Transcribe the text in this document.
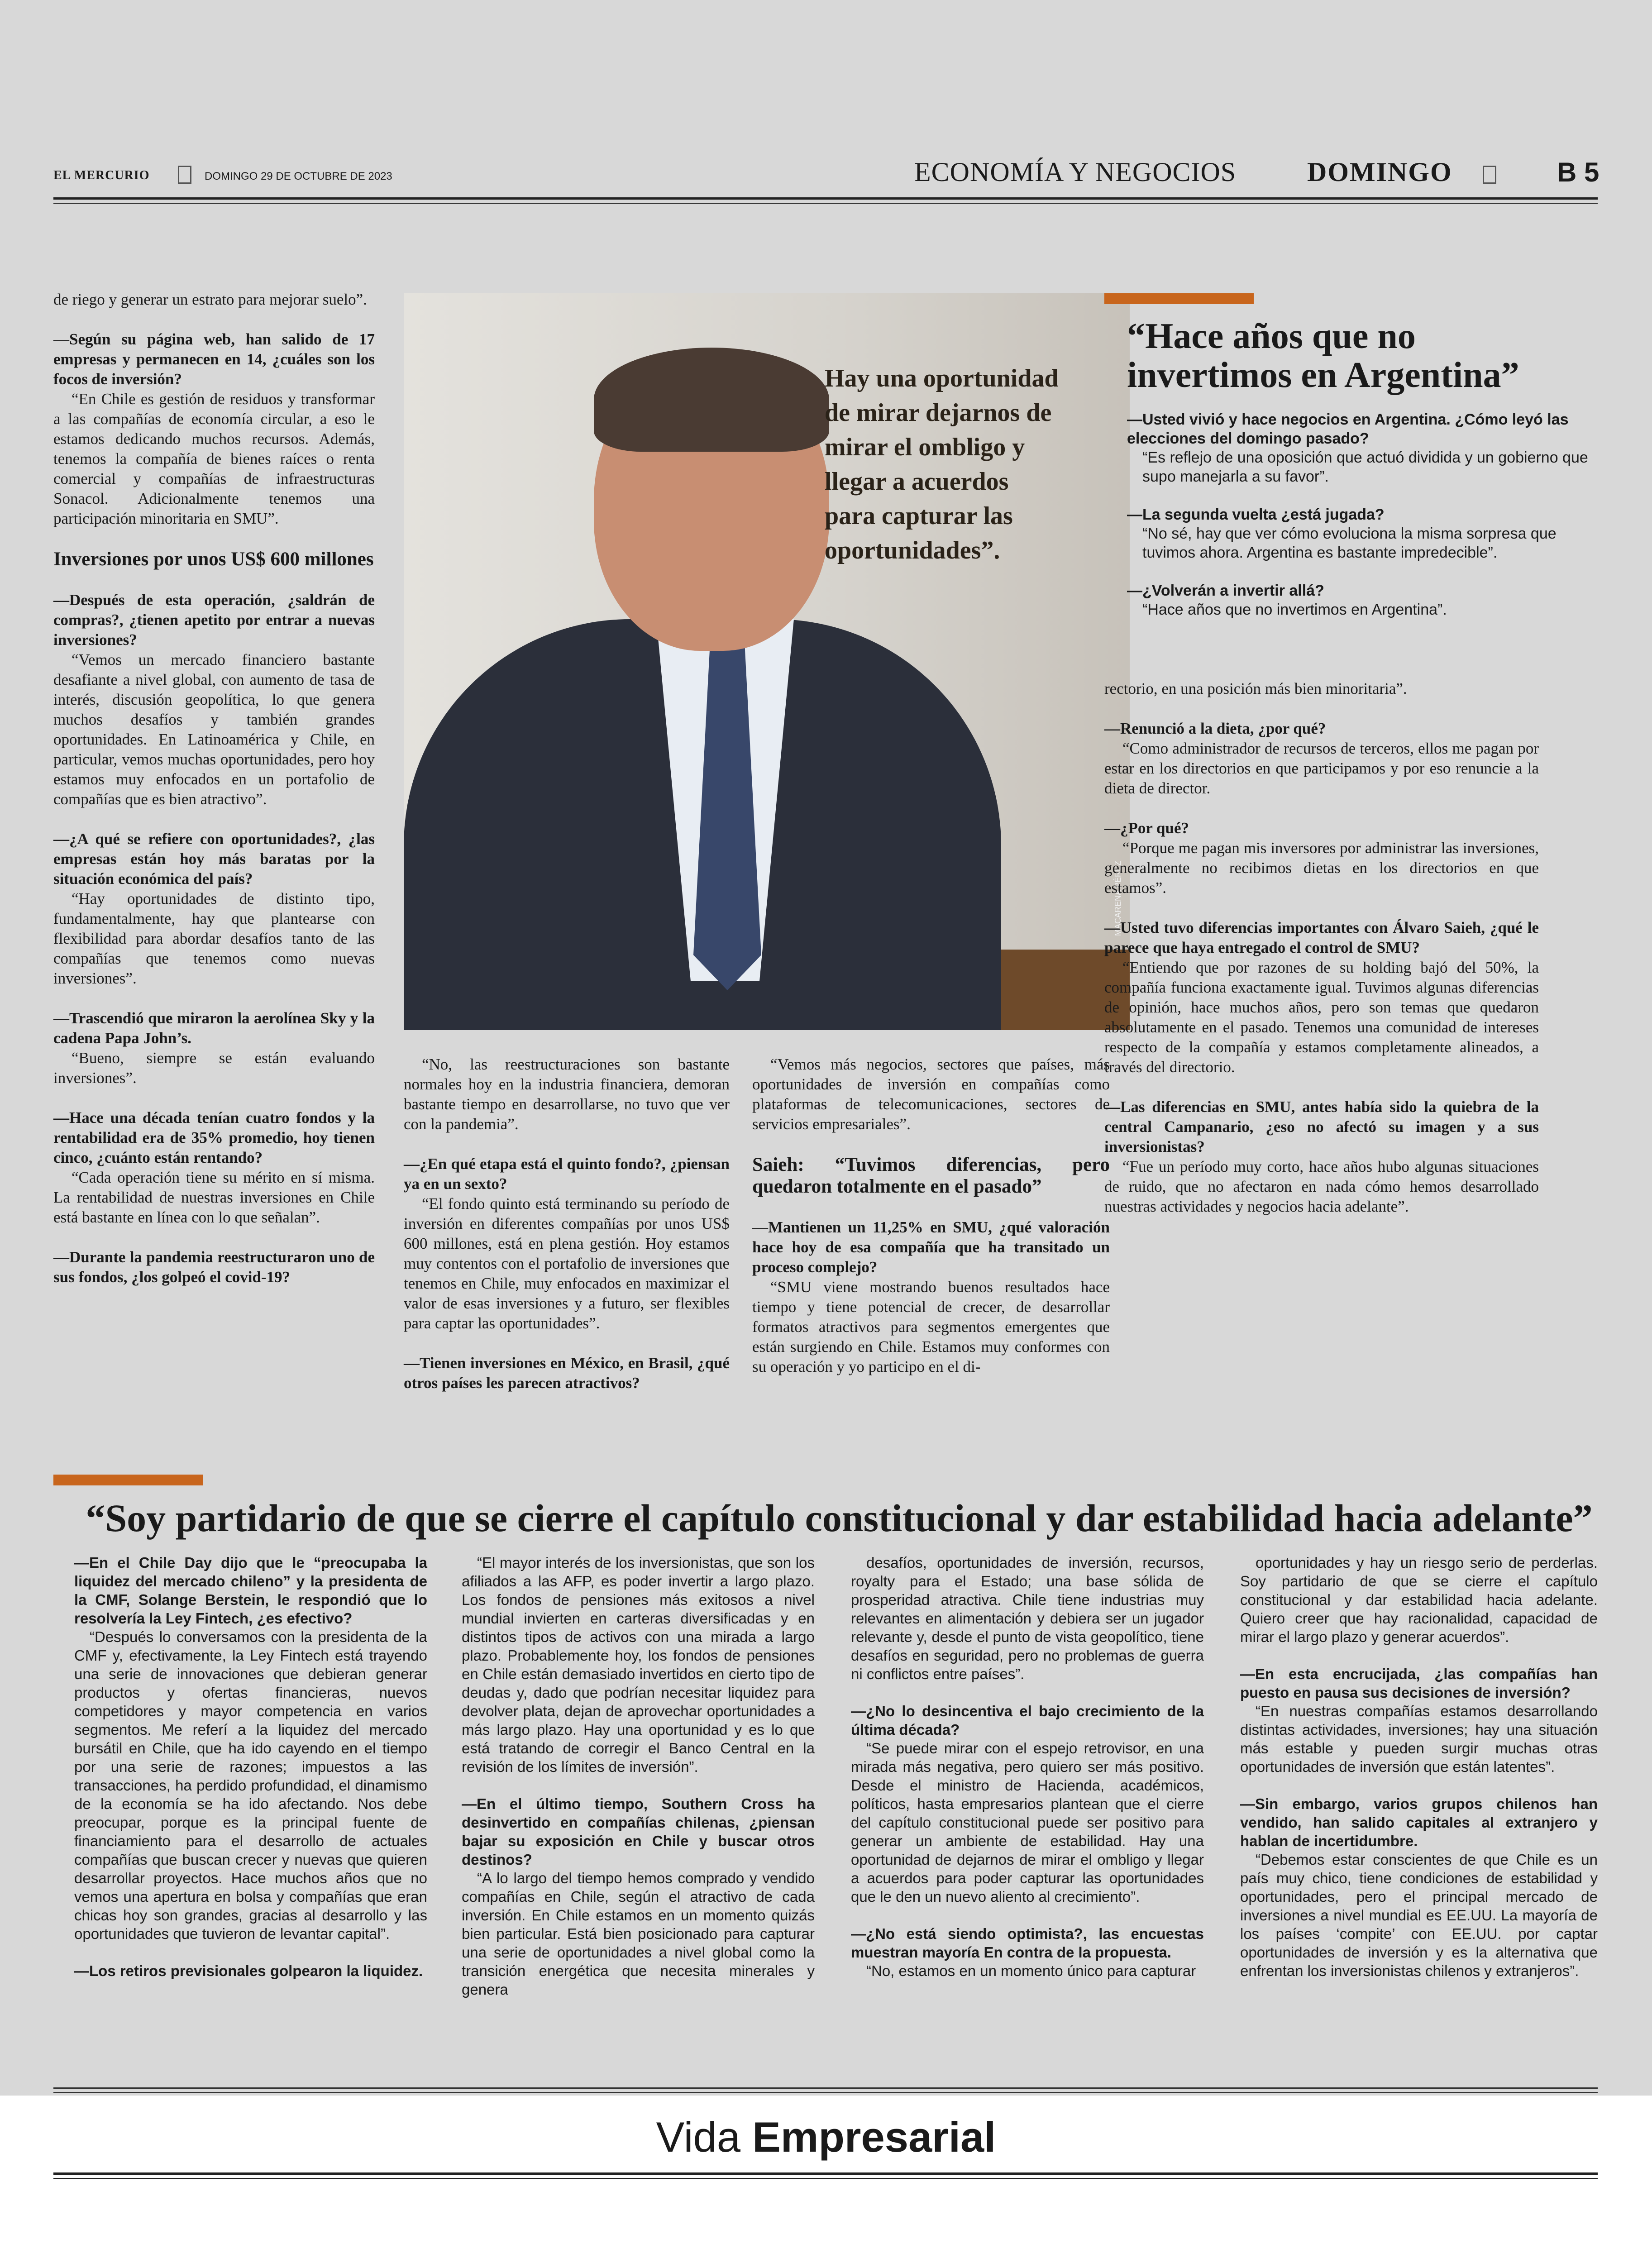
EL MERCURIO	DOMINGO 29 DE OCTUBRE DE 2023	ECONOMÍA Y NEGOCIOS	DOMINGO	B 5

de riego y generar un estrato para mejorar suelo”.

—Según su página web, han salido de 17 empresas y permanecen en 14, ¿cuáles son los focos de inversión?

“En Chile es gestión de residuos y transformar a las compañías de economía circular, a eso le estamos dedicando muchos recursos. Además, tenemos la compañía de bienes raíces o renta comercial y compañías de infraestructuras Sonacol. Adicionalmente tenemos una participación minoritaria en SMU”.

Inversiones por unos US$ 600 millones

—Después de esta operación, ¿saldrán de compras?, ¿tienen apetito por entrar a nuevas inversiones?

“Vemos un mercado financiero bastante desafiante a nivel global, con aumento de tasa de interés, discusión geopolítica, lo que genera muchos desafíos y también grandes oportunidades. En Latinoamérica y Chile, en particular, vemos muchas oportunidades, pero hoy estamos muy enfocados en un portafolio de compañías que es bien atractivo”.

—¿A qué se refiere con oportunidades?, ¿las empresas están hoy más baratas por la situación económica del país?

“Hay oportunidades de distinto tipo, fundamentalmente, hay que plantearse con flexibilidad para abordar desafíos tanto de las compañías que tenemos como nuevas inversiones”.

—Trascendió que miraron la aerolínea Sky y la cadena Papa John’s.

“Bueno, siempre se están evaluando inversiones”.

—Hace una década tenían cuatro fondos y la rentabilidad era de 35% promedio, hoy tienen cinco, ¿cuánto están rentando?

“Cada operación tiene su mérito en sí misma. La rentabilidad de nuestras inversiones en Chile está bastante en línea con lo que señalan”.

—Durante la pandemia reestructuraron uno de sus fondos, ¿los golpeó el covid-19?

Hay una oportunidad de mirar dejarnos de mirar el ombligo y llegar a acuerdos para capturar las oportunidades”.
MACARENA PÉREZ

“No, las reestructuraciones son bastante normales hoy en la industria financiera, demoran bastante tiempo en desarrollarse, no tuvo que ver con la pandemia”.

—¿En qué etapa está el quinto fondo?, ¿piensan ya en un sexto?

“El fondo quinto está terminando su período de inversión en diferentes compañías por unos US$ 600 millones, está en plena gestión. Hoy estamos muy contentos con el portafolio de inversiones que tenemos en Chile, muy enfocados en maximizar el valor de esas inversiones y a futuro, ser flexibles para captar las oportunidades”.

—Tienen inversiones en México, en Brasil, ¿qué otros países les parecen atractivos?

“Vemos más negocios, sectores que países, más oportunidades de inversión en compañías como plataformas de telecomunicaciones, sectores de servicios empresariales”.

Saieh: “Tuvimos diferencias, pero quedaron totalmente en el pasado”

—Mantienen un 11,25% en SMU, ¿qué valoración hace hoy de esa compañía que ha transitado un proceso complejo?

“SMU viene mostrando buenos resultados hace tiempo y tiene potencial de crecer, de desarrollar formatos atractivos para segmentos emergentes que están surgiendo en Chile. Estamos muy conformes con su operación y yo participo en el di-

“Hace años que no invertimos en Argentina”

—Usted vivió y hace negocios en Argentina. ¿Cómo leyó las elecciones del domingo pasado?

“Es reflejo de una oposición que actuó dividida y un gobierno que supo manejarla a su favor”.

—La segunda vuelta ¿está jugada?

“No sé, hay que ver cómo evoluciona la misma sorpresa que tuvimos ahora. Argentina es bastante impredecible”.

—¿Volverán a invertir allá?

“Hace años que no invertimos en Argentina”.

rectorio, en una posición más bien minoritaria”.

—Renunció a la dieta, ¿por qué?

“Como administrador de recursos de terceros, ellos me pagan por estar en los directorios en que participamos y por eso renuncie a la dieta de director.

—¿Por qué?

“Porque me pagan mis inversores por administrar las inversiones, generalmente no recibimos dietas en los directorios en que estamos”.

—Usted tuvo diferencias importantes con Álvaro Saieh, ¿qué le parece que haya entregado el control de SMU?

“Entiendo que por razones de su holding bajó del 50%, la compañía funciona exactamente igual. Tuvimos algunas diferencias de opinión, hace muchos años, pero son temas que quedaron absolutamente en el pasado. Tenemos una comunidad de intereses respecto de la compañía y estamos completamente alineados, a través del directorio.

—Las diferencias en SMU, antes había sido la quiebra de la central Campanario, ¿eso no afectó su imagen y a sus inversionistas?

“Fue un período muy corto, hace años hubo algunas situaciones de ruido, que no afectaron en nada cómo hemos desarrollado nuestras actividades y negocios hacia adelante”.

“Soy partidario de que se cierre el capítulo constitucional y dar estabilidad hacia adelante”

—En el Chile Day dijo que le “preocupaba la liquidez del mercado chileno” y la presidenta de la CMF, Solange Berstein, le respondió que lo resolvería la Ley Fintech, ¿es efectivo?

“Después lo conversamos con la presidenta de la CMF y, efectivamente, la Ley Fintech está trayendo una serie de innovaciones que debieran generar productos y ofertas financieras, nuevos competidores y mayor competencia en varios segmentos. Me referí a la liquidez del mercado bursátil en Chile, que ha ido cayendo en el tiempo por una serie de razones; impuestos a las transacciones, ha perdido profundidad, el dinamismo de la economía se ha ido afectando. Nos debe preocupar, porque es la principal fuente de financiamiento para el desarrollo de actuales compañías que buscan crecer y nuevas que quieren desarrollar proyectos. Hace muchos años que no vemos una apertura en bolsa y compañías que eran chicas hoy son grandes, gracias al desarrollo y las oportunidades que tuvieron de levantar capital”.

—Los retiros previsionales golpearon la liquidez.

“El mayor interés de los inversionistas, que son los afiliados a las AFP, es poder invertir a largo plazo. Los fondos de pensiones más exitosos a nivel mundial invierten en carteras diversificadas y en distintos tipos de activos con una mirada a largo plazo. Probablemente hoy, los fondos de pensiones en Chile están demasiado invertidos en cierto tipo de deudas y, dado que podrían necesitar liquidez para devolver plata, dejan de aprovechar oportunidades a más largo plazo. Hay una oportunidad y es lo que está tratando de corregir el Banco Central en la revisión de los límites de inversión”.

—En el último tiempo, Southern Cross ha desinvertido en compañías chilenas, ¿piensan bajar su exposición en Chile y buscar otros destinos?

“A lo largo del tiempo hemos comprado y vendido compañías en Chile, según el atractivo de cada inversión. En Chile estamos en un momento quizás bien particular. Está bien posicionado para capturar una serie de oportunidades a nivel global como la transición energética que necesita minerales y genera

desafíos, oportunidades de inversión, recursos, royalty para el Estado; una base sólida de prosperidad atractiva. Chile tiene industrias muy relevantes en alimentación y debiera ser un jugador relevante y, desde el punto de vista geopolítico, tiene desafíos en seguridad, pero no problemas de guerra ni conflictos entre países”.

—¿No lo desincentiva el bajo crecimiento de la última década?

“Se puede mirar con el espejo retrovisor, en una mirada más negativa, pero quiero ser más positivo. Desde el ministro de Hacienda, académicos, políticos, hasta empresarios plantean que el cierre del capítulo constitucional puede ser positivo para generar un ambiente de estabilidad. Hay una oportunidad de dejarnos de mirar el ombligo y llegar a acuerdos para poder capturar las oportunidades que le den un nuevo aliento al crecimiento”.

—¿No está siendo optimista?, las encuestas muestran mayoría En contra de la propuesta.

“No, estamos en un momento único para capturar

oportunidades y hay un riesgo serio de perderlas. Soy partidario de que se cierre el capítulo constitucional y dar estabilidad hacia adelante. Quiero creer que hay racionalidad, capacidad de mirar el largo plazo y generar acuerdos”.

—En esta encrucijada, ¿las compañías han puesto en pausa sus decisiones de inversión?

“En nuestras compañías estamos desarrollando distintas actividades, inversiones; hay una situación más estable y pueden surgir muchas otras oportunidades de inversión que están latentes”.

—Sin embargo, varios grupos chilenos han vendido, han salido capitales al extranjero y hablan de incertidumbre.

“Debemos estar conscientes de que Chile es un país muy chico, tiene condiciones de estabilidad y oportunidades, pero el principal mercado de inversiones a nivel mundial es EE.UU. La mayoría de los países ‘compite’ con EE.UU. por captar oportunidades de inversión y es la alternativa que enfrentan los inversionistas chilenos y extranjeros”.

Vida Empresarial
